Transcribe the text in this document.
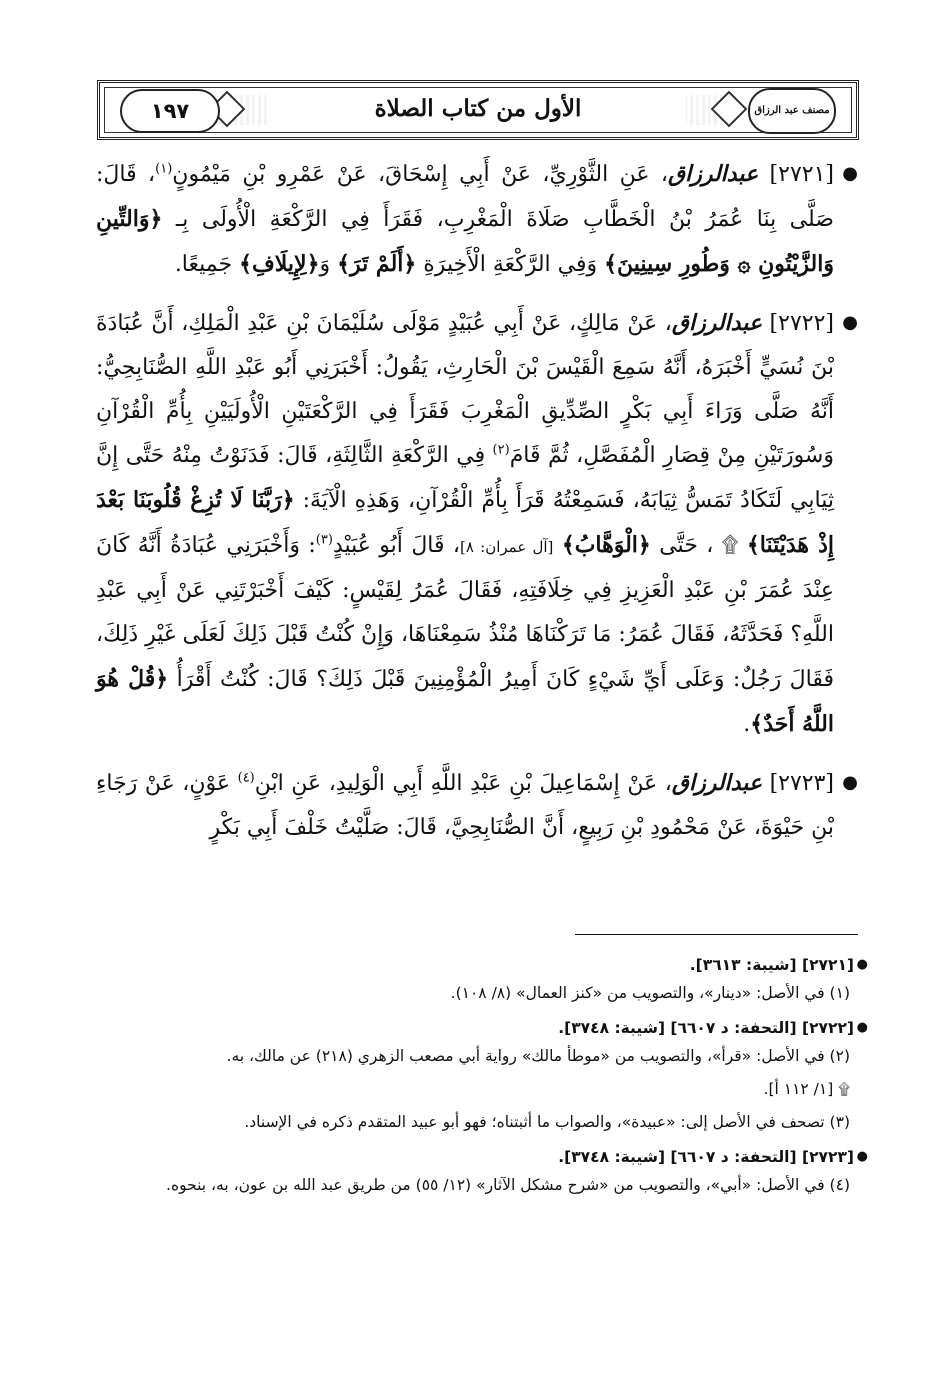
١٩٧	الأول من كتاب الصلاة	مصنف عبد الرزاق

●
[٢٧٢١] عبدالرزاق، عَنِ الثَّوْرِيِّ، عَنْ أَبِي إِسْحَاقَ، عَنْ عَمْرِو بْنِ مَيْمُونٍ$^{(١)}$، قَالَ: صَلَّى بِنَا عُمَرُ بْنُ الْخَطَّابِ صَلَاةَ الْمَغْرِبِ، فَقَرَأَ فِي الرَّكْعَةِ الْأُولَى بِـ ﴿وَالتِّينِ وَالزَّيْتُونِ ۞ وَطُورِ سِينِينَ﴾ وَفِي الرَّكْعَةِ الْأَخِيرَةِ ﴿أَلَمْ تَرَ﴾ وَ﴿لِإِيلَافِ﴾ جَمِيعًا.

●
[٢٧٢٢] عبدالرزاق، عَنْ مَالِكٍ، عَنْ أَبِي عُبَيْدٍ مَوْلَى سُلَيْمَانَ بْنِ عَبْدِ الْمَلِكِ، أَنَّ عُبَادَةَ بْنَ نُسَيٍّ أَخْبَرَهُ، أَنَّهُ سَمِعَ الْقَيْسَ بْنَ الْحَارِثِ، يَقُولُ: أَخْبَرَنِي أَبُو عَبْدِ اللَّهِ الصُّنَابِحِيُّ: أَنَّهُ صَلَّى وَرَاءَ أَبِي بَكْرٍ الصِّدِّيقِ الْمَغْرِبَ فَقَرَأَ فِي الرَّكْعَتَيْنِ الْأُولَيَيْنِ بِأُمِّ الْقُرْآنِ وَسُورَتَيْنِ مِنْ قِصَارِ الْمُفَصَّلِ، ثُمَّ قَامَ$^{(٢)}$ فِي الرَّكْعَةِ الثَّالِثَةِ، قَالَ: فَدَنَوْتُ مِنْهُ حَتَّى إِنَّ ثِيَابِي لَتَكَادُ تَمَسُّ ثِيَابَهُ، فَسَمِعْتُهُ قَرَأَ بِأُمِّ الْقُرْآنِ، وَهَذِهِ الْآيَةَ: ﴿رَبَّنَا لَا تُزِغْ قُلُوبَنَا بَعْدَ إِذْ هَدَيْتَنَا﴾ ۩ ، حَتَّى ﴿الْوَهَّابُ﴾ [آل عمران: ٨]، قَالَ أَبُو عُبَيْدٍ$^{(٣)}$: وَأَخْبَرَنِي عُبَادَةُ أَنَّهُ كَانَ عِنْدَ عُمَرَ بْنِ عَبْدِ الْعَزِيزِ فِي خِلَافَتِهِ، فَقَالَ عُمَرُ لِقَيْسٍ: كَيْفَ أَخْبَرْتَنِي عَنْ أَبِي عَبْدِ اللَّهِ؟ فَحَدَّثَهُ، فَقَالَ عُمَرُ: مَا تَرَكْنَاهَا مُنْذُ سَمِعْنَاهَا، وَإِنْ كُنْتُ قَبْلَ ذَلِكَ لَعَلَى غَيْرِ ذَلِكَ، فَقَالَ رَجُلٌ: وَعَلَى أَيِّ شَيْءٍ كَانَ أَمِيرُ الْمُؤْمِنِينَ قَبْلَ ذَلِكَ؟ قَالَ: كُنْتُ أَقْرَأُ ﴿قُلْ هُوَ اللَّهُ أَحَدٌ﴾.

●
[٢٧٢٣] عبدالرزاق، عَنْ إِسْمَاعِيلَ بْنِ عَبْدِ اللَّهِ أَبِي الْوَلِيدِ، عَنِ ابْنِ$^{(٤)}$ عَوْنٍ، عَنْ رَجَاءِ بْنِ حَيْوَةَ، عَنْ مَحْمُودِ بْنِ رَبِيعٍ، أَنَّ الصُّنَابِحِيَّ، قَالَ: صَلَّيْتُ خَلْفَ أَبِي بَكْرٍ

●
[٢٧٢١] [شيبة: ٣٦١٣].

(١) في الأصل: «دينار»، والتصويب من «كنز العمال» (٨/ ١٠٨).

●
[٢٧٢٢] [التحفة: د ٦٦٠٧] [شيبة: ٣٧٤٨].

(٢) في الأصل: «قرأ»، والتصويب من «موطأ مالك» رواية أبي مصعب الزهري (٢١٨) عن مالك، به.

۩ [١/ ١١٢ أ].

(٣) تصحف في الأصل إلى: «عبيدة»، والصواب ما أثبتناه؛ فهو أبو عبيد المتقدم ذكره في الإسناد.

●
[٢٧٢٣] [التحفة: د ٦٦٠٧] [شيبة: ٣٧٤٨].

(٤) في الأصل: «أبي»، والتصويب من «شرح مشكل الآثار» (١٢/ ٥٥) من طريق عبد الله بن عون، به، بنحوه.
